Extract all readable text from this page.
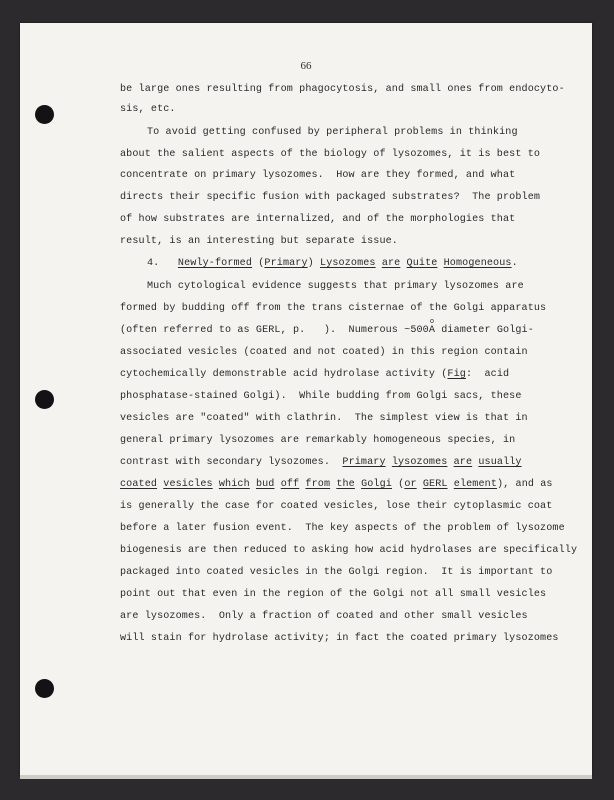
66
be large ones resulting from phagocytosis, and small ones from endocyto-
sis, etc.
To avoid getting confused by peripheral problems in thinking
about the salient aspects of the biology of lysozomes, it is best to
concentrate on primary lysozomes.  How are they formed, and what
directs their specific fusion with packaged substrates?  The problem
of how substrates are internalized, and of the morphologies that
result, is an interesting but separate issue.
4. Newly-formed (Primary) Lysozomes are Quite Homogeneous.
Much cytological evidence suggests that primary lysozomes are
formed by budding off from the trans cisternae of the Golgi apparatus
(often referred to as GERL, p.   ).  Numerous ~500o A diameter Golgi-
associated vesicles (coated and not coated) in this region contain
cytochemically demonstrable acid hydrolase activity (Fig:  acid
phosphatase-stained Golgi).  While budding from Golgi sacs, these
vesicles are "coated" with clathrin.  The simplest view is that in
general primary lysozomes are remarkably homogeneous species, in
contrast with secondary lysozomes.  Primary lysozomes are usually
coated vesicles which bud off from the Golgi (or GERL element), and as
is generally the case for coated vesicles, lose their cytoplasmic coat
before a later fusion event.  The key aspects of the problem of lysozome
biogenesis are then reduced to asking how acid hydrolases are specifically
packaged into coated vesicles in the Golgi region.  It is important to
point out that even in the region of the Golgi not all small vesicles
are lysozomes.  Only a fraction of coated and other small vesicles
will stain for hydrolase activity; in fact the coated primary lysozomes
